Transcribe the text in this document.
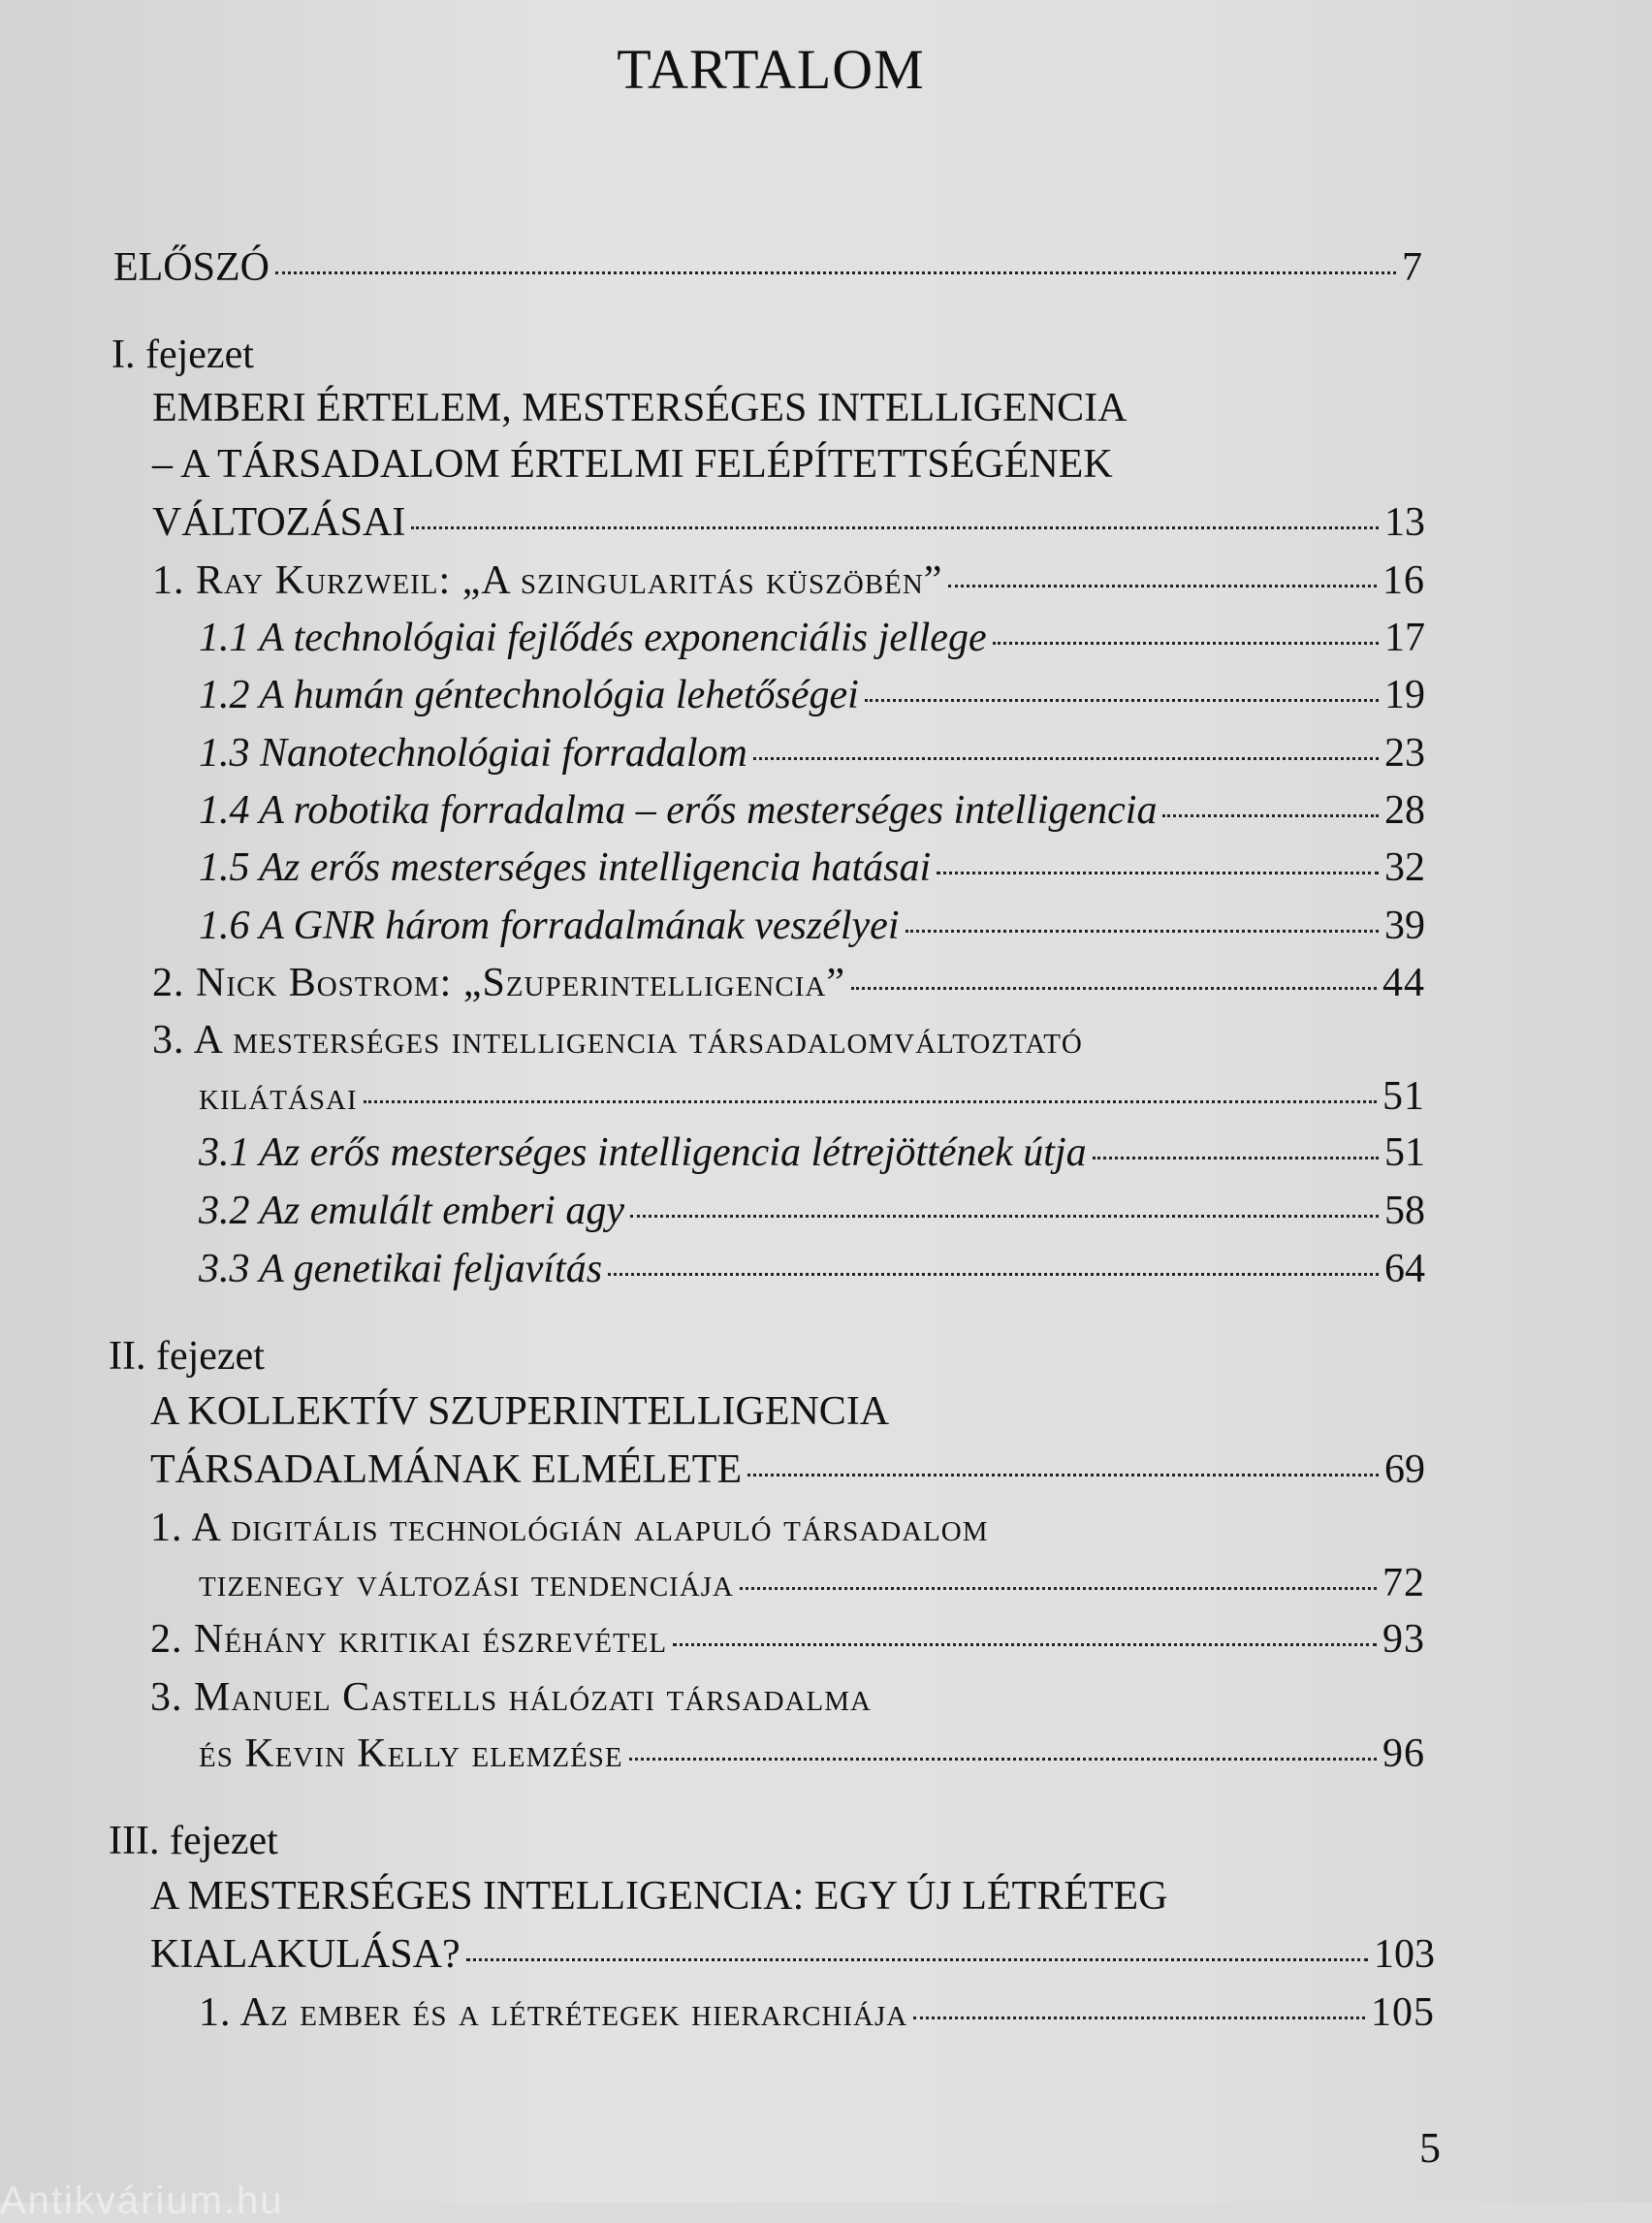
TARTALOM
ELŐSZÓ	7
I. fejezet
EMBERI ÉRTELEM, MESTERSÉGES INTELLIGENCIA
– A TÁRSADALOM ÉRTELMI FELÉPÍTETTSÉGÉNEK
VÁLTOZÁSAI	13
1. Ray Kurzweil: „A szingularitás küszöbén”	16
1.1 A technológiai fejlődés exponenciális jellege	17
1.2 A humán géntechnológia lehetőségei	19
1.3 Nanotechnológiai forradalom	23
1.4 A robotika forradalma – erős mesterséges intelligencia	28
1.5 Az erős mesterséges intelligencia hatásai	32
1.6 A GNR három forradalmának veszélyei	39
2. Nick Bostrom: „Szuperintelligencia”	44
3. A mesterséges intelligencia társadalomváltoztató
kilátásai	51
3.1 Az erős mesterséges intelligencia létrejöttének útja	51
3.2 Az emulált emberi agy	58
3.3 A genetikai feljavítás	64
II. fejezet
A KOLLEKTÍV SZUPERINTELLIGENCIA
TÁRSADALMÁNAK ELMÉLETE	69
1. A digitális technológián alapuló társadalom
tizenegy változási tendenciája	72
2. Néhány kritikai észrevétel	93
3. Manuel Castells hálózati társadalma
és Kevin Kelly elemzése	96
III. fejezet
A MESTERSÉGES INTELLIGENCIA: EGY ÚJ LÉTRÉTEG
KIALAKULÁSA?	103
1. Az ember és a létrétegek hierarchiája	105
5
Antikvárium.hu
